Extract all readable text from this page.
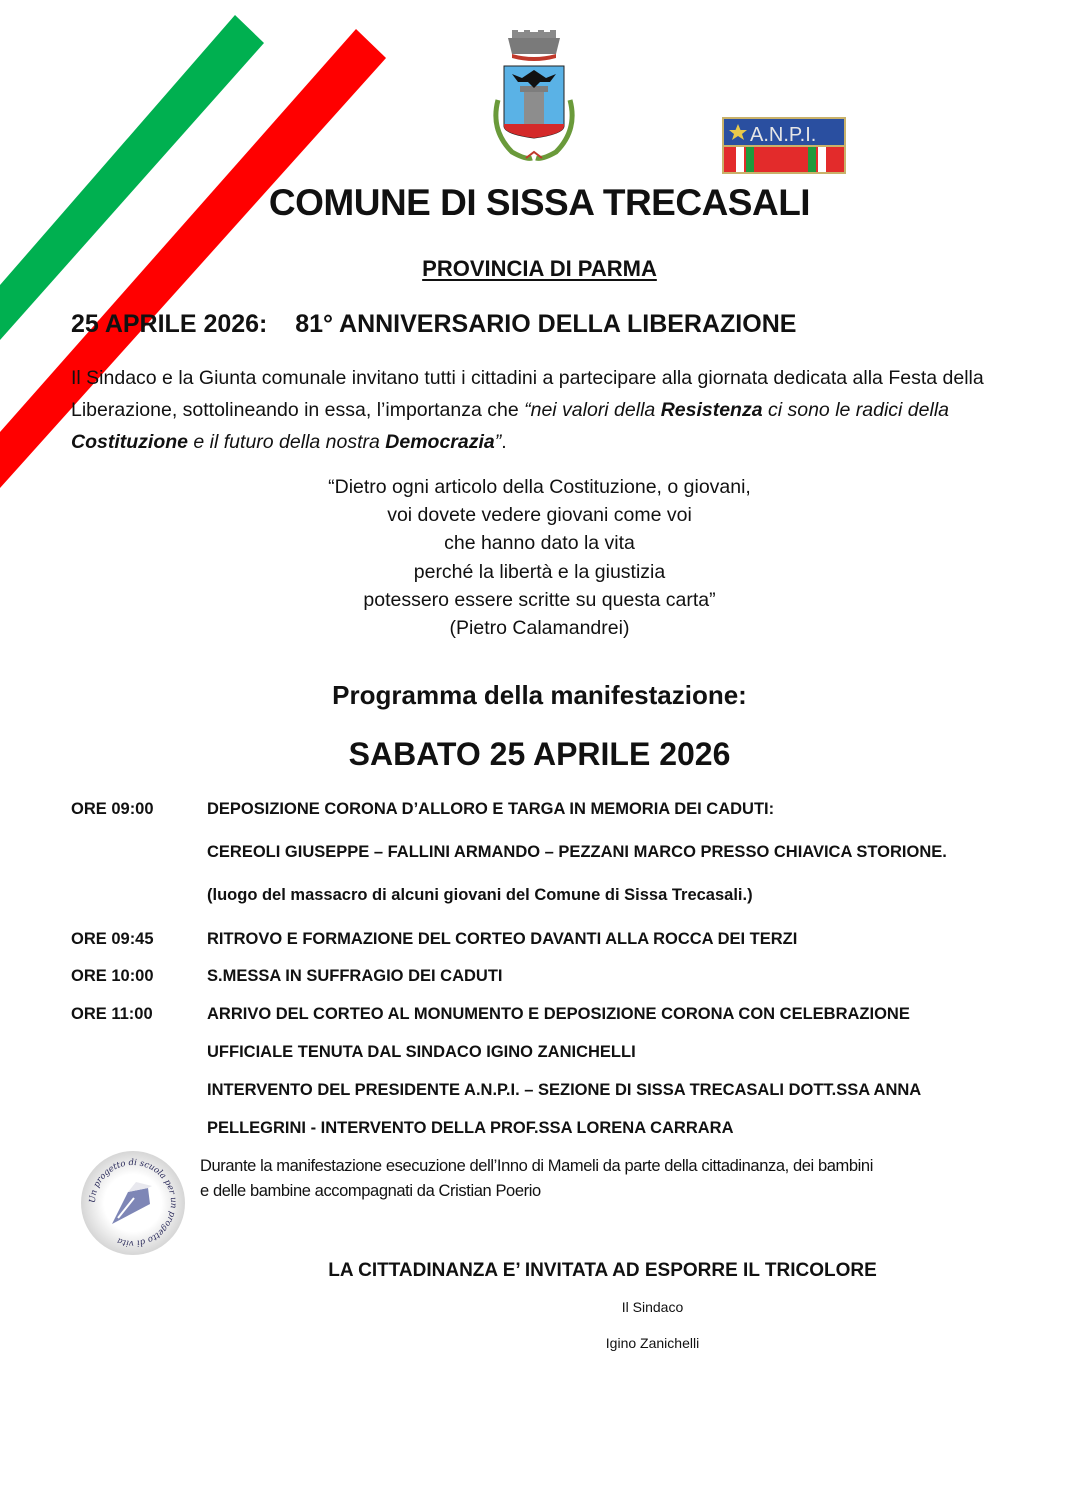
A.N.P.I.
COMUNE DI SISSA TRECASALI
PROVINCIA DI PARMA
25 APRILE 2026: 81° ANNIVERSARIO DELLA LIBERAZIONE
Il Sindaco e la Giunta comunale invitano tutti i cittadini a partecipare alla giornata dedicata alla Festa della Liberazione, sottolineando in essa, l’importanza che “nei valori della Resistenza ci sono le radici della Costituzione e il futuro della nostra Democrazia”.
“Dietro ogni articolo della Costituzione, o giovani,
voi dovete vedere giovani come voi
che hanno dato la vita
perché la libertà e la giustizia
potessero essere scritte su questa carta”
(Pietro Calamandrei)
Programma della manifestazione:
SABATO 25 APRILE 2026
ORE 09:00	DEPOSIZIONE CORONA D’ALLORO E TARGA IN MEMORIA DEI CADUTI:
CEREOLI GIUSEPPE – FALLINI ARMANDO – PEZZANI MARCO PRESSO CHIAVICA STORIONE.
(luogo del massacro di alcuni giovani del Comune di Sissa Trecasali.)
ORE 09:45	RITROVO E FORMAZIONE DEL CORTEO DAVANTI ALLA ROCCA DEI TERZI
ORE 10:00	S.MESSA IN SUFFRAGIO DEI CADUTI
ORE 11:00	ARRIVO DEL CORTEO AL MONUMENTO E DEPOSIZIONE CORONA CON CELEBRAZIONE
UFFICIALE TENUTA DAL SINDACO IGINO ZANICHELLI
INTERVENTO DEL PRESIDENTE A.N.P.I. – SEZIONE DI SISSA TRECASALI DOTT.SSA ANNA
PELLEGRINI - INTERVENTO DELLA PROF.SSA LORENA CARRARA
Un progetto di scuola per un progetto di vita
Durante la manifestazione esecuzione dell’Inno di Mameli da parte della cittadinanza, dei bambini
e delle bambine accompagnati da Cristian Poerio
LA CITTADINANZA E’ INVITATA AD ESPORRE IL TRICOLORE
Il Sindaco
Igino Zanichelli
